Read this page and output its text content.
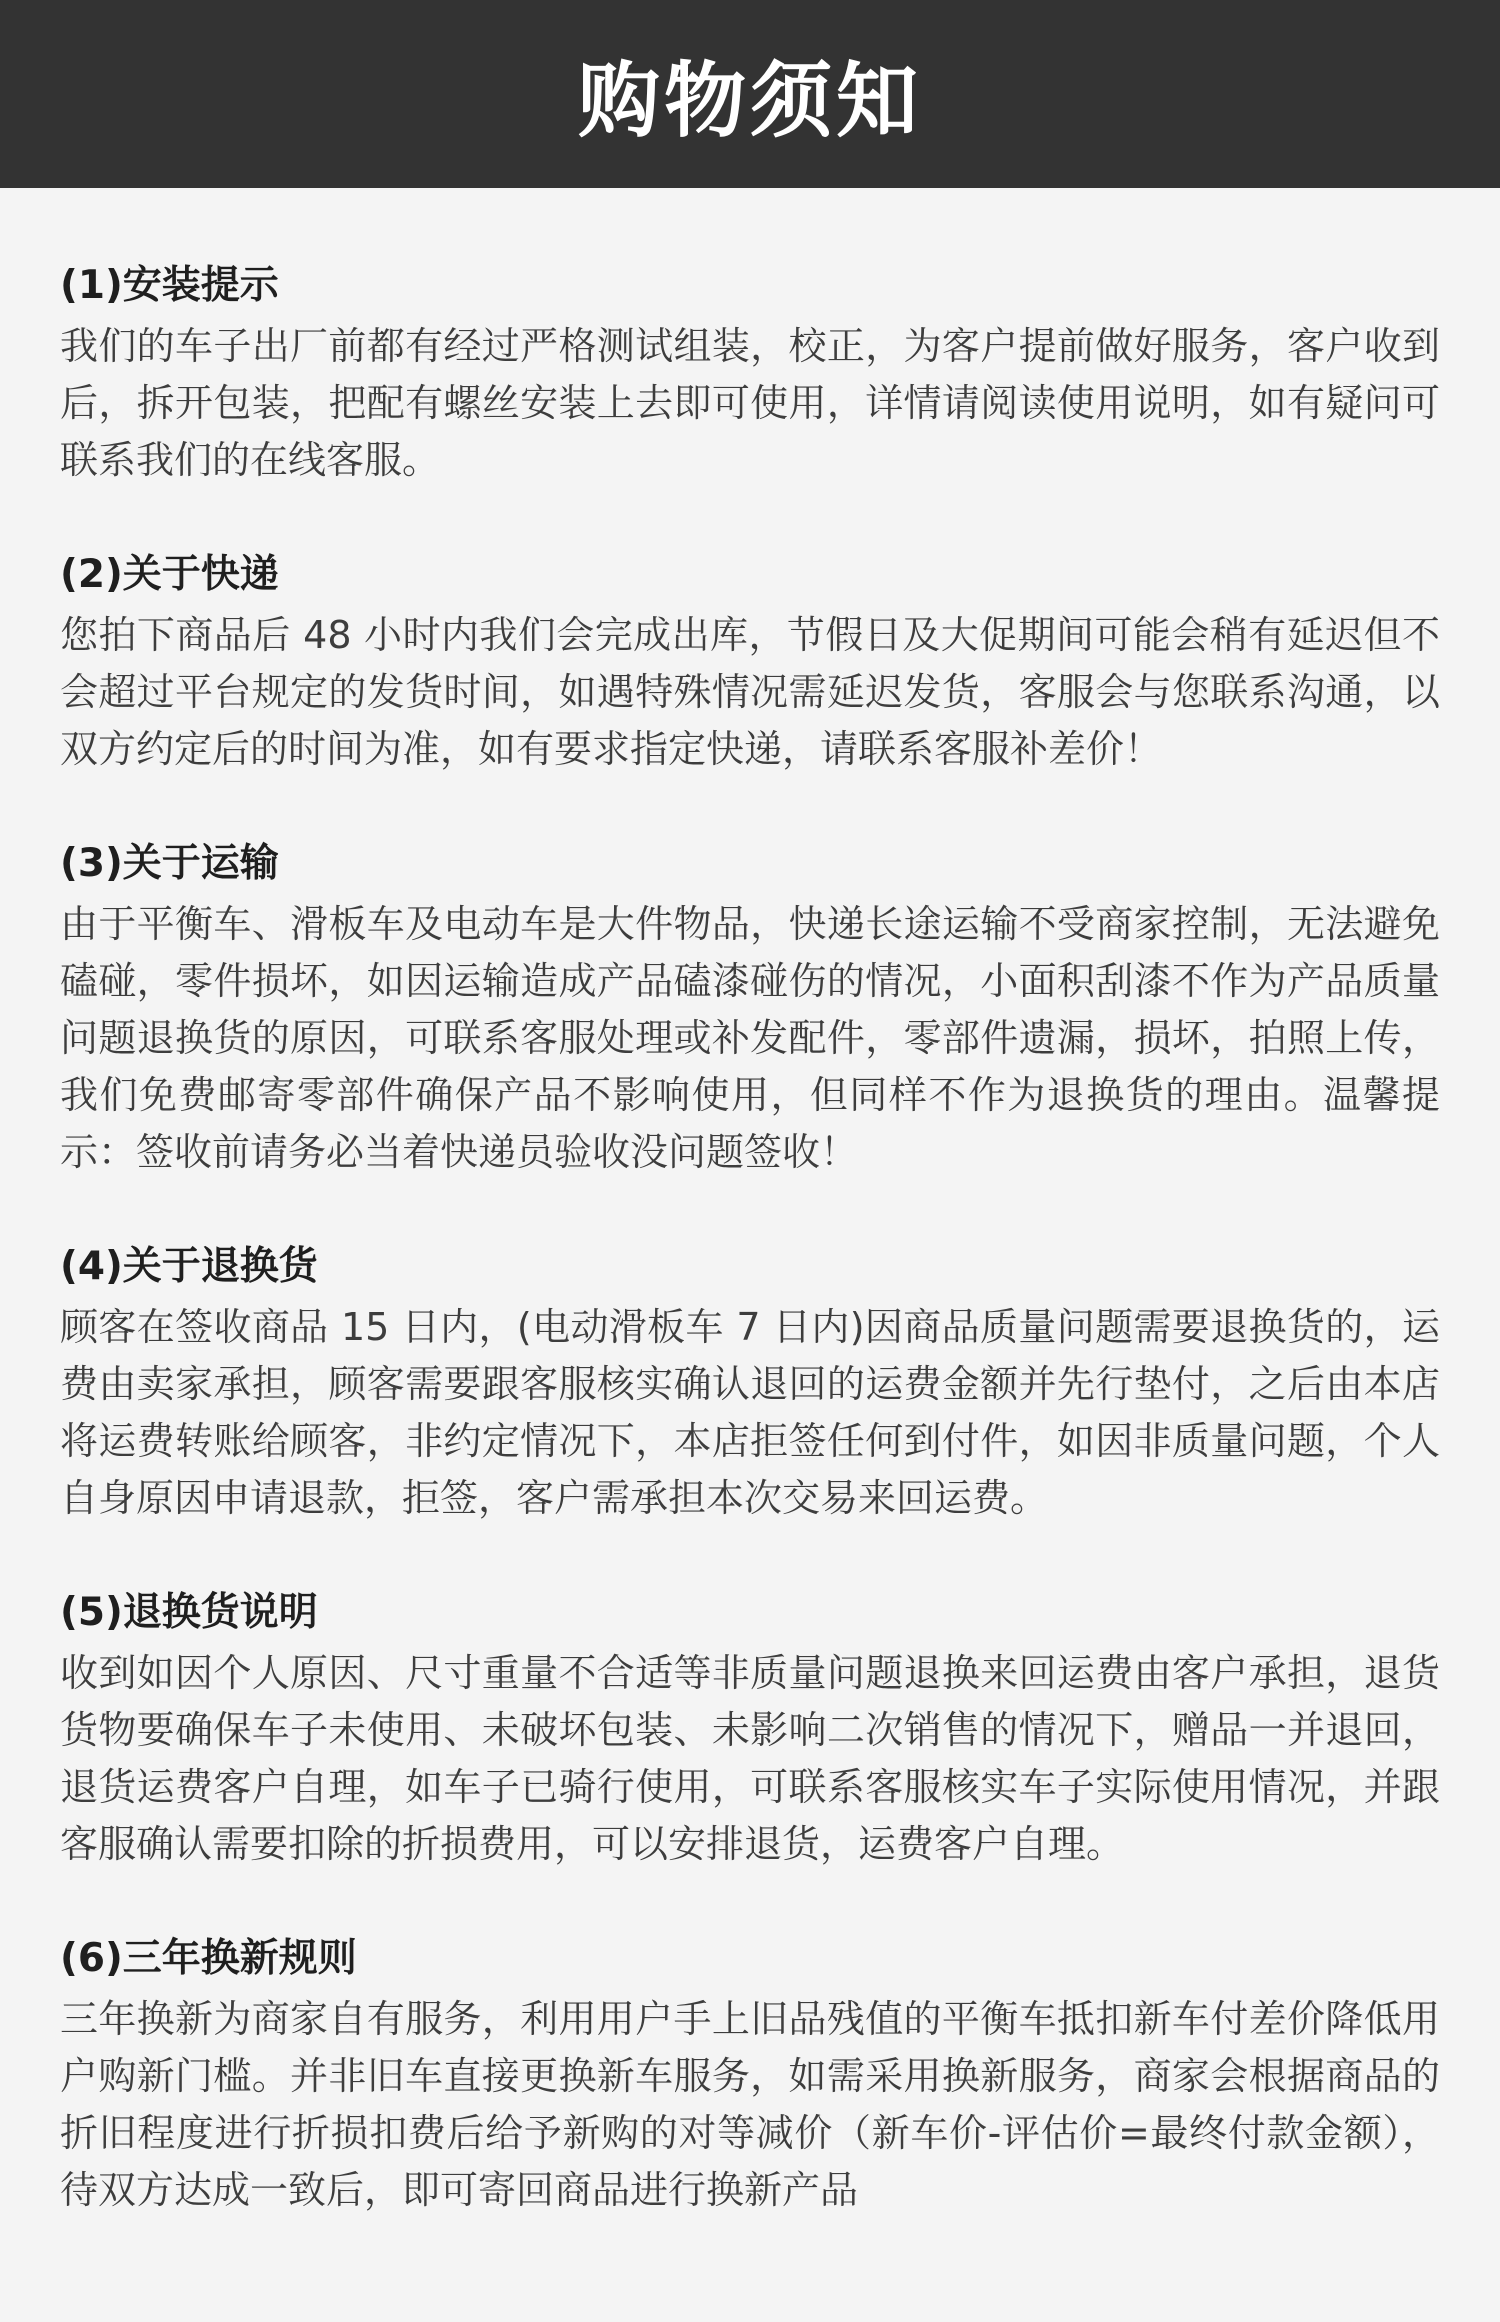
购物须知
(1)安装提示

我们的车子出厂前都有经过严格测试组装，校正，为客户提前做好服务，客户收到后，拆开包装，把配有螺丝安装上去即可使用，详情请阅读使用说明，如有疑问可联系我们的在线客服。

(2)关于快递

您拍下商品后 48 小时内我们会完成出库，节假日及大促期间可能会稍有延迟但不会超过平台规定的发货时间，如遇特殊情况需延迟发货，客服会与您联系沟通，以双方约定后的时间为准，如有要求指定快递，请联系客服补差价！

(3)关于运输

由于平衡车、滑板车及电动车是大件物品，快递长途运输不受商家控制，无法避免磕碰，零件损坏，如因运输造成产品磕漆碰伤的情况，小面积刮漆不作为产品质量问题退换货的原因，可联系客服处理或补发配件，零部件遗漏，损坏，拍照上传，我们免费邮寄零部件确保产品不影响使用，但同样不作为退换货的理由。温馨提示：签收前请务必当着快递员验收没问题签收！

(4)关于退换货

顾客在签收商品 15 日内，(电动滑板车 7 日内)因商品质量问题需要退换货的，运费由卖家承担，顾客需要跟客服核实确认退回的运费金额并先行垫付，之后由本店将运费转账给顾客，非约定情况下，本店拒签任何到付件，如因非质量问题，个人自身原因申请退款，拒签，客户需承担本次交易来回运费。

(5)退换货说明

收到如因个人原因、尺寸重量不合适等非质量问题退换来回运费由客户承担，退货货物要确保车子未使用、未破坏包装、未影响二次销售的情况下，赠品一并退回，退货运费客户自理，如车子已骑行使用，可联系客服核实车子实际使用情况，并跟客服确认需要扣除的折损费用，可以安排退货，运费客户自理。

(6)三年换新规则

三年换新为商家自有服务，利用用户手上旧品残值的平衡车抵扣新车付差价降低用户购新门槛。并非旧车直接更换新车服务，如需采用换新服务，商家会根据商品的折旧程度进行折损扣费后给予新购的对等减价（新车价-评估价=最终付款金额），待双方达成一致后，即可寄回商品进行换新产品
